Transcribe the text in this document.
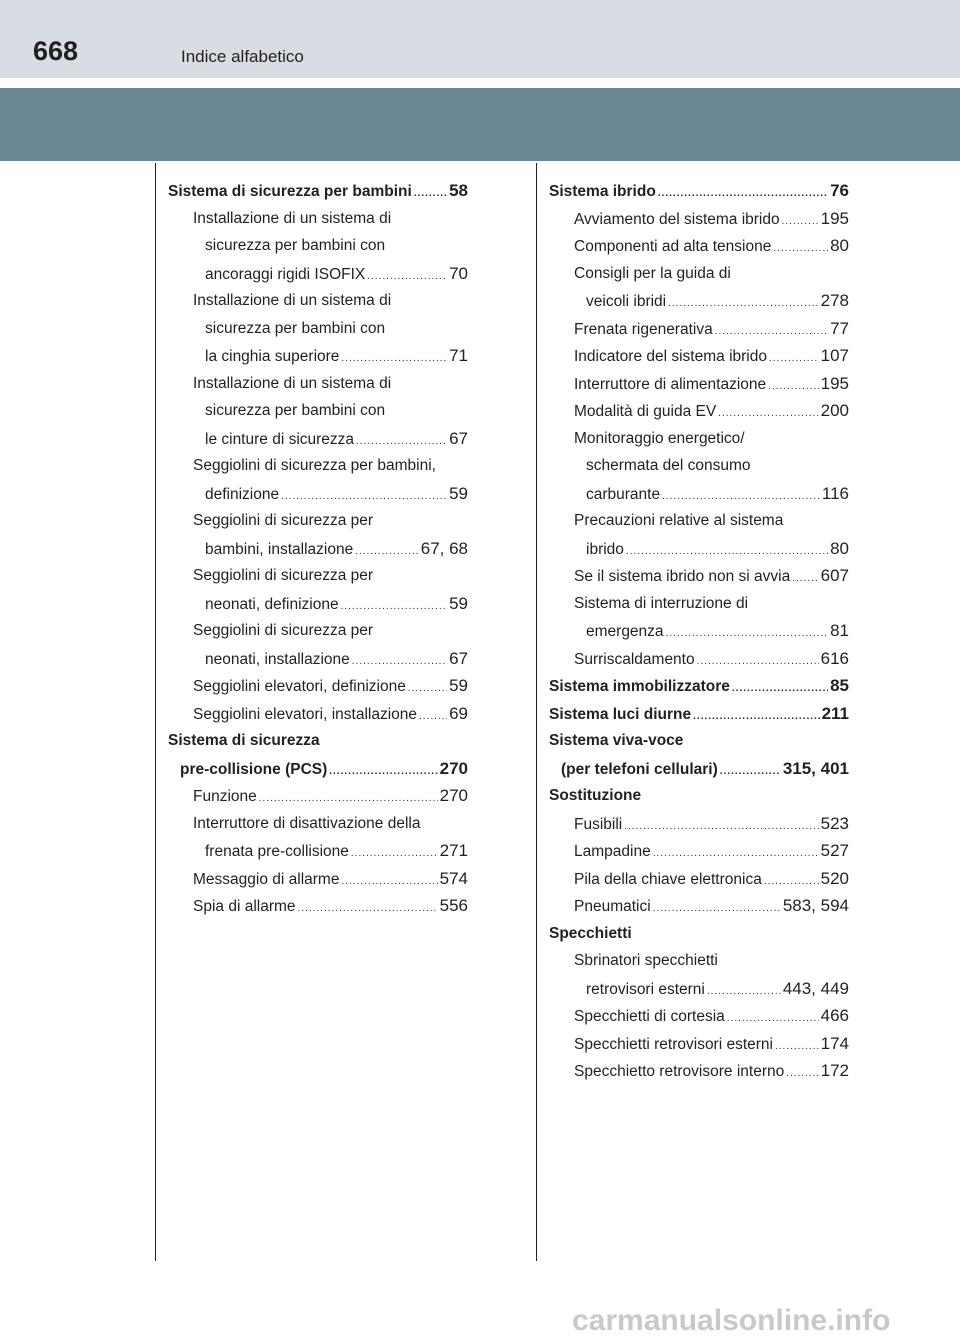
668	Indice alfabetico
Sistema di sicurezza per bambini ..... 58
Installazione di un sistema di
sicurezza per bambini con
ancoraggi rigidi ISOFIX .....	70
Installazione di un sistema di
sicurezza per bambini con
la cinghia superiore .....	71
Installazione di un sistema di
sicurezza per bambini con
le cinture di sicurezza .....	67
Seggiolini di sicurezza per bambini,
definizione .....	59
Seggiolini di sicurezza per
bambini, installazione .....	67, 68
Seggiolini di sicurezza per
neonati, definizione .....	59
Seggiolini di sicurezza per
neonati, installazione .....	67
Seggiolini elevatori, definizione .....	59
Seggiolini elevatori, installazione ..... 69
Sistema di sicurezza
pre-collisione (PCS) .....	270
Funzione .....	270
Interruttore di disattivazione della
frenata pre-collisione .....	271
Messaggio di allarme .....	574
Spia di allarme .....	556
Sistema ibrido .....	76
Avviamento del sistema ibrido ..... 195
Componenti ad alta tensione .....	80
Consigli per la guida di
veicoli ibridi .....	278
Frenata rigenerativa .....	77
Indicatore del sistema ibrido .....	107
Interruttore di alimentazione .....	195
Modalità di guida EV .....	200
Monitoraggio energetico/
schermata del consumo
carburante .....	116
Precauzioni relative al sistema
ibrido .....	80
Se il sistema ibrido non si avvia ..... 607
Sistema di interruzione di
emergenza .....	81
Surriscaldamento .....	616
Sistema immobilizzatore .....	85
Sistema luci diurne .....	211
Sistema viva-voce
(per telefoni cellulari) .....	315, 401
Sostituzione
Fusibili .....	523
Lampadine .....	527
Pila della chiave elettronica .....	520
Pneumatici .....	583, 594
Specchietti
Sbrinatori specchietti
retrovisori esterni .....	443, 449
Specchietti di cortesia .....	466
Specchietti retrovisori esterni .....	174
Specchietto retrovisore interno ..... 172
carmanualsonline.info
